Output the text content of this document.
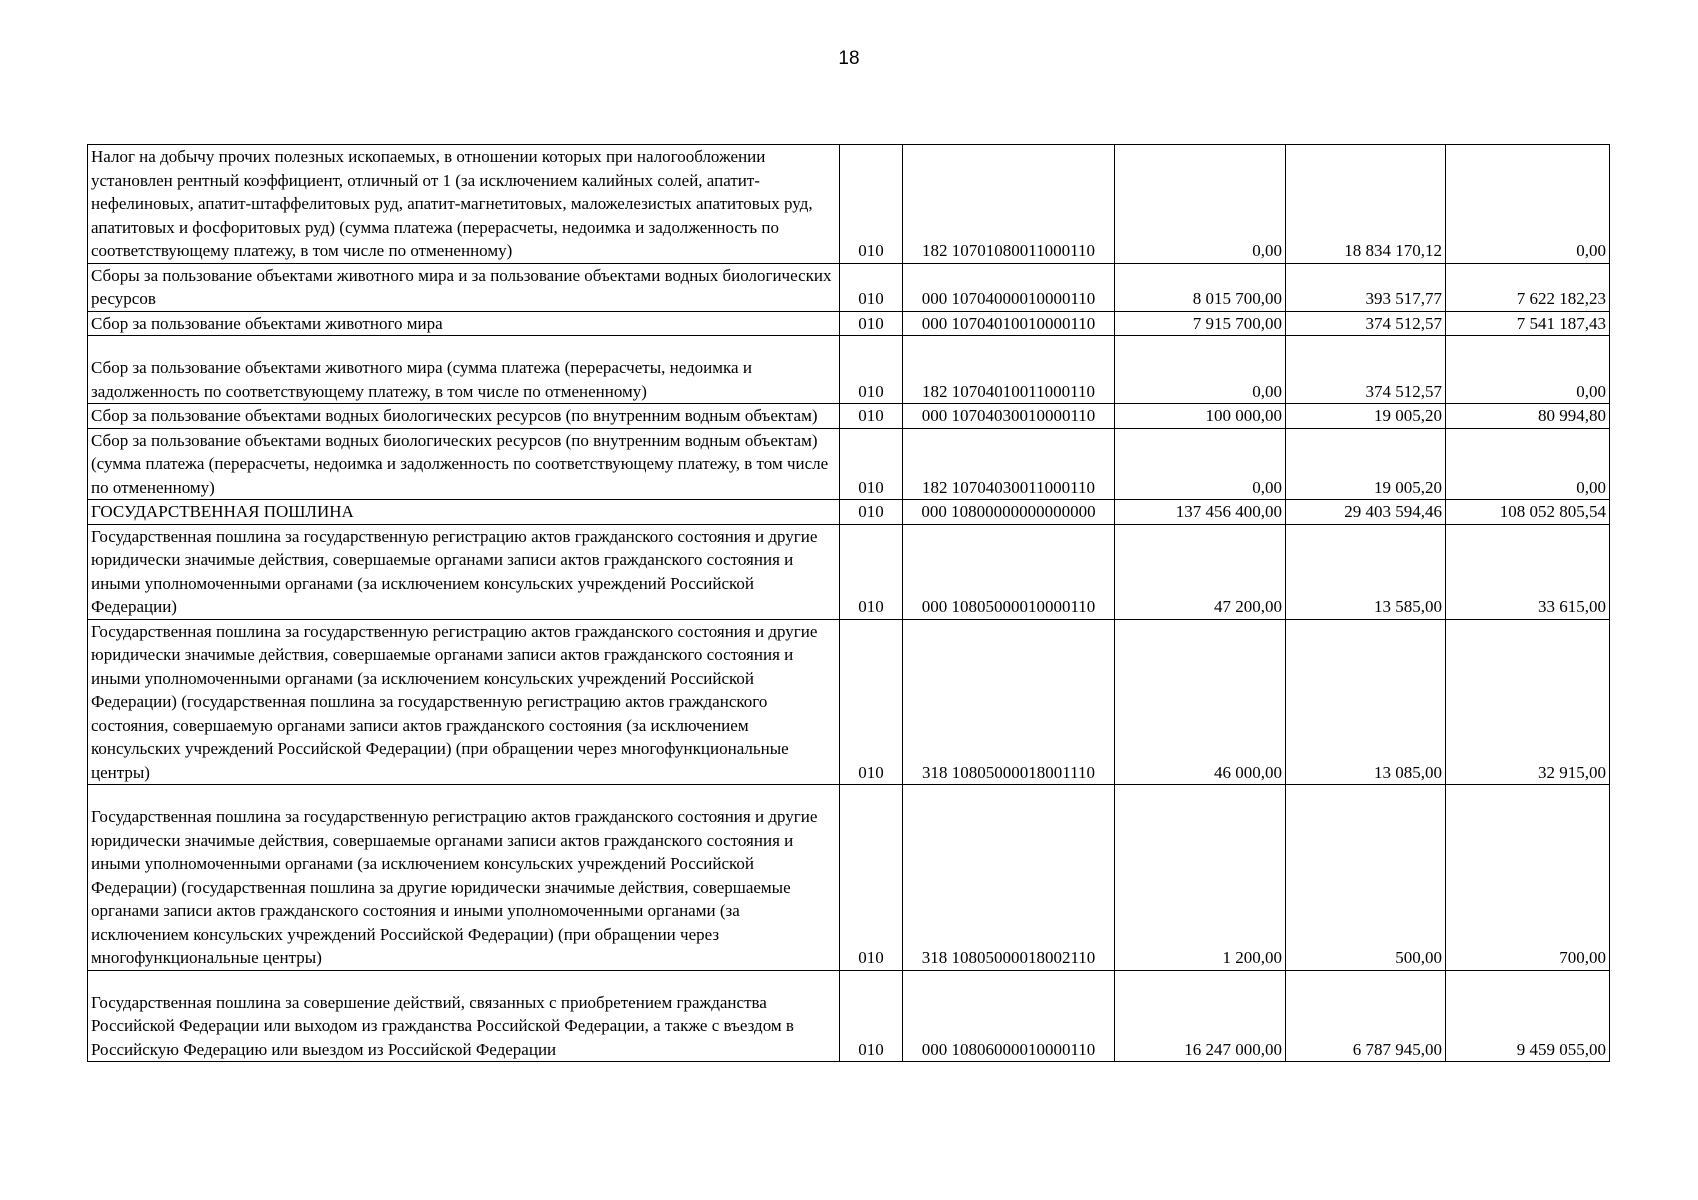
18
Налог на добычу прочих полезных ископаемых, в отношении которых при налогообложении установлен рентный коэффициент, отличный от 1 (за исключением калийных солей, апатит-нефелиновых, апатит-штаффелитовых руд, апатит-магнетитовых, маложелезистых апатитовых руд, апатитовых и фосфоритовых руд) (сумма платежа (перерасчеты, недоимка и задолженность по соответствующему платежу, в том числе по отмененному)	010	182 10701080011000110	0,00	18 834 170,12	0,00
Сборы за пользование объектами животного мира и за пользование объектами водных биологических ресурсов	010	000 10704000010000110	8 015 700,00	393 517,77	7 622 182,23
Сбор за пользование объектами животного мира	010	000 10704010010000110	7 915 700,00	374 512,57	7 541 187,43

Сбор за пользование объектами животного мира (сумма платежа (перерасчеты, недоимка и задолженность по соответствующему платежу, в том числе по отмененному)	010	182 10704010011000110	0,00	374 512,57	0,00
Сбор за пользование объектами водных биологических ресурсов (по внутренним водным объектам)	010	000 10704030010000110	100 000,00	19 005,20	80 994,80
Сбор за пользование объектами водных биологических ресурсов (по внутренним водным объектам) (сумма платежа (перерасчеты, недоимка и задолженность по соответствующему платежу, в том числе по отмененному)	010	182 10704030011000110	0,00	19 005,20	0,00
ГОСУДАРСТВЕННАЯ ПОШЛИНА	010	000 10800000000000000	137 456 400,00	29 403 594,46	108 052 805,54
Государственная пошлина за государственную регистрацию актов гражданского состояния и другие юридически значимые действия, совершаемые органами записи актов гражданского состояния и иными уполномоченными органами (за исключением консульских учреждений Российской Федерации)	010	000 10805000010000110	47 200,00	13 585,00	33 615,00
Государственная пошлина за государственную регистрацию актов гражданского состояния и другие юридически значимые действия, совершаемые органами записи актов гражданского состояния и иными уполномоченными органами (за исключением консульских учреждений Российской Федерации) (государственная пошлина за государственную регистрацию актов гражданского состояния, совершаемую органами записи актов гражданского состояния (за исключением консульских учреждений Российской Федерации) (при обращении через многофункциональные центры)	010	318 10805000018001110	46 000,00	13 085,00	32 915,00

Государственная пошлина за государственную регистрацию актов гражданского состояния и другие юридически значимые действия, совершаемые органами записи актов гражданского состояния и иными уполномоченными органами (за исключением консульских учреждений Российской Федерации) (государственная пошлина за другие юридически значимые действия, совершаемые органами записи актов гражданского состояния и иными уполномоченными органами (за исключением консульских учреждений Российской Федерации) (при обращении через многофункциональные центры)	010	318 10805000018002110	1 200,00	500,00	700,00

Государственная пошлина за совершение действий, связанных с приобретением гражданства Российской Федерации или выходом из гражданства Российской Федерации, а также с въездом в Российскую Федерацию или выездом из Российской Федерации	010	000 10806000010000110	16 247 000,00	6 787 945,00	9 459 055,00
